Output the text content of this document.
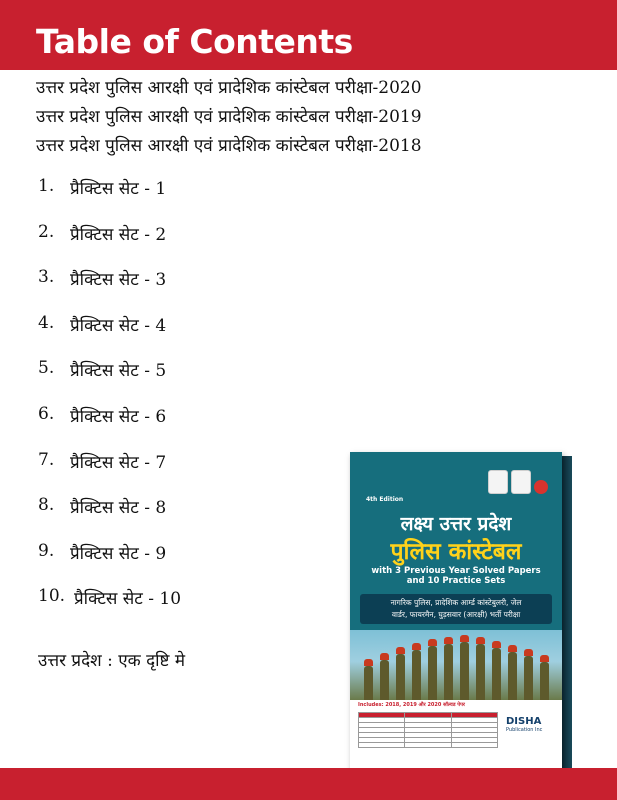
Table of Contents
उत्तर प्रदेश पुलिस आरक्षी एवं प्रादेशिक कांस्टेबल परीक्षा-2020
उत्तर प्रदेश पुलिस आरक्षी एवं प्रादेशिक कांस्टेबल परीक्षा-2019
उत्तर प्रदेश पुलिस आरक्षी एवं प्रादेशिक कांस्टेबल परीक्षा-2018
1. प्रैक्टिस सेट - 1
2. प्रैक्टिस सेट - 2
3. प्रैक्टिस सेट - 3
4. प्रैक्टिस सेट - 4
5. प्रैक्टिस सेट - 5
6. प्रैक्टिस सेट - 6
7. प्रैक्टिस सेट - 7
8. प्रैक्टिस सेट - 8
9. प्रैक्टिस सेट - 9
10. प्रैक्टिस सेट - 10
उत्तर प्रदेश : एक दृष्टि मे
4th Edition
लक्ष्य उत्तर प्रदेश
पुलिस कांस्टेबल
with 3 Previous Year Solved Papers
and 10 Practice Sets
नागरिक पुलिस, प्रादेशिक आर्म्ड कांस्टेबुलरी, जेल
वार्डर, फायरमैन, घुड़सवार (आरक्षी) भर्ती परीक्षा
Includes: 2018, 2019 और 2020 सॉल्वड पेपर

DISHA
Publication Inc
